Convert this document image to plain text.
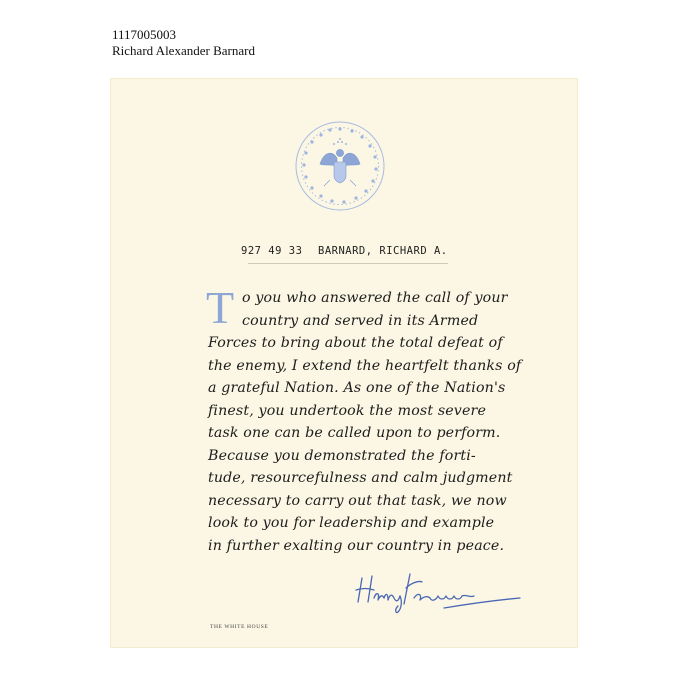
1117005003
Richard Alexander Barnard
927 49 33 BARNARD, RICHARD A.
T o you who answered the call of your
country and served in its Armed
Forces to bring about the total defeat of
the enemy, I extend the heartfelt thanks of
a grateful Nation. As one of the Nation's
finest, you undertook the most severe
task one can be called upon to perform.
Because you demonstrated the forti-
tude, resourcefulness and calm judgment
necessary to carry out that task, we now
look to you for leadership and example
in further exalting our country in peace.
THE WHITE HOUSE
